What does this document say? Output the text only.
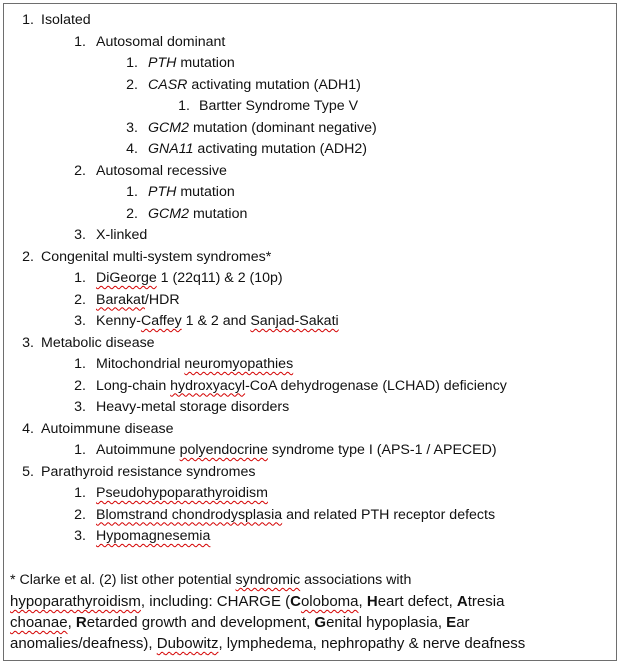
1. Isolated
1. Autosomal dominant
1. PTH mutation
2. CASR activating mutation (ADH1)
1. Bartter Syndrome Type V
3. GCM2 mutation (dominant negative)
4. GNA11 activating mutation (ADH2)
2. Autosomal recessive
1. PTH mutation
2. GCM2 mutation
3. X-linked
2. Congenital multi-system syndromes*
1. DiGeorge 1 (22q11) & 2 (10p)
2. Barakat/HDR
3. Kenny-Caffey 1 & 2 and Sanjad-Sakati
3. Metabolic disease
1. Mitochondrial neuromyopathies
2. Long-chain hydroxyacyl-CoA dehydrogenase (LCHAD) deficiency
3. Heavy-metal storage disorders
4. Autoimmune disease
1. Autoimmune polyendocrine syndrome type I (APS-1 / APECED)
5. Parathyroid resistance syndromes
1. Pseudohypoparathyroidism
2. Blomstrand chondrodysplasia and related PTH receptor defects
3. Hypomagnesemia
* Clarke et al. (2) list other potential syndromic associations with
hypoparathyroidism, including: CHARGE (Coloboma, Heart defect, Atresia
choanae, Retarded growth and development, Genital hypoplasia, Ear
anomalies/deafness), Dubowitz, lymphedema, nephropathy & nerve deafness
